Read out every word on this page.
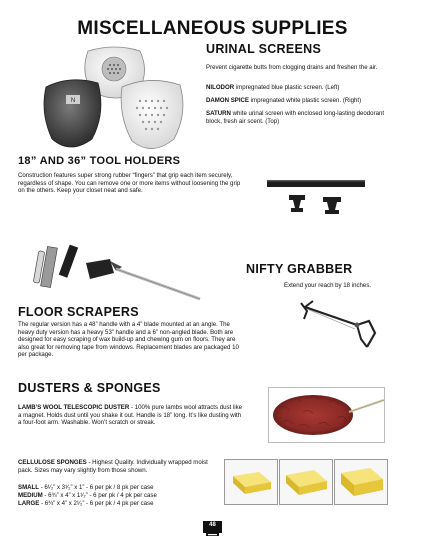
MISCELLANEOUS SUPPLIES
N
URINAL SCREENS
Prevent cigarette butts from clogging drains and freshen the air.
NILODOR impregnated blue plastic screen. (Left)
DAMON SPICE impregnated white plastic screen. (Right)
SATURN white urinal screen with enclosed long-lasting deodorant block, fresh air scent. (Top)
18” AND 36” TOOL HOLDERS
Construction features super strong rubber “fingers” that grip each item securely, regardless of shape. You can remove one or more items without loosening the grip on the others. Keep your closet neat and safe.
FLOOR SCRAPERS
The regular version has a 48” handle with a 4” blade mounted at an angle. The heavy duty version has a heavy 53” handle and a 6” non-angled blade. Both are designed for easy scraping of wax build-up and chewing gum on floors. They are also great for removing tape from windows. Replacement blades are packaged 10 per package.
NIFTY GRABBER
Extend your reach by 18 inches.
DUSTERS & SPONGES
LAMB’S WOOL TELESCOPIC DUSTER - 100% pure lambs wool attracts dust like a magnet. Holds dust until you shake it out. Handle is 18” long. It’s like dusting with a four-foot arm. Washable. Won’t scratch or streak.
CELLULOSE SPONGES - Highest Quality. Individually wrapped moist pack. Sizes may vary slightly from those shown.
SMALL - 6¹⁄₂” x 3¹⁄₂” x 1” - 6 per pk / 8 pk per case
MEDIUM - 6¾” x 4” x 1¹⁄₂” - 6 per pk / 4 pk per case
LARGE - 6¾” x 4” x 2¹⁄₂” - 6 per pk / 4 pk per case
48
